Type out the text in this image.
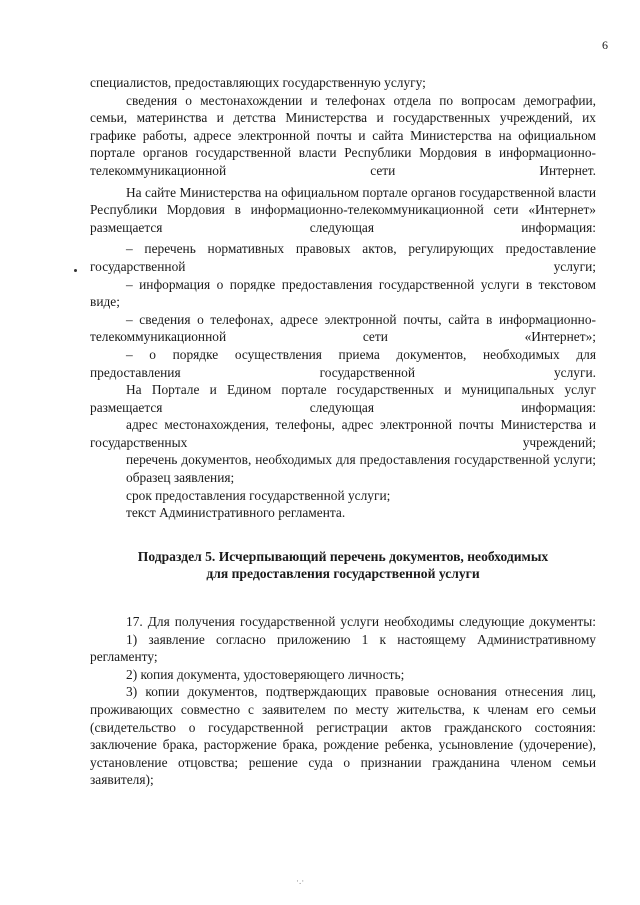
6

специалистов, предоставляющих государственную услугу;

сведения о местонахождении и телефонах отдела по вопросам демографии, семьи, материнства и детства Министерства и государственных учреждений, их графике работы, адресе электронной почты и сайта Министерства на официальном портале органов государственной власти Республики Мордовия в информационно-телекоммуникационной сети Интернет.

На сайте Министерства на официальном портале органов государственной власти Республики Мордовия в информационно-телекоммуникационной сети «Интернет» размещается следующая информация:

– перечень нормативных правовых актов, регулирующих предоставление государственной услуги;

– информация о порядке предоставления государственной услуги в текстовом виде;

– сведения о телефонах, адресе электронной почты, сайта в информационно-телекоммуникационной сети «Интернет»;

– о порядке осуществления приема документов, необходимых для предоставления государственной услуги.

На Портале и Едином портале государственных и муниципальных услуг размещается следующая информация:

адрес местонахождения, телефоны, адрес электронной почты Министерства и государственных учреждений;

перечень документов, необходимых для предоставления государственной услуги;

образец заявления;

срок предоставления государственной услуги;

текст Административного регламента.

Подраздел 5. Исчерпывающий перечень документов, необходимых

для предоставления государственной услуги

17. Для получения государственной услуги необходимы следующие документы:

1) заявление согласно приложению 1 к настоящему Административному регламенту;

2) копия документа, удостоверяющего личность;

3) копии документов, подтверждающих правовые основания отнесения лиц, проживающих совместно с заявителем по месту жительства, к членам его семьи (свидетельство о государственной регистрации актов гражданского состояния: заключение брака, расторжение брака, рождение ребенка, усыновление (удочерение), установление отцовства; решение суда о признании гражданина членом семьи заявителя);

·.·
